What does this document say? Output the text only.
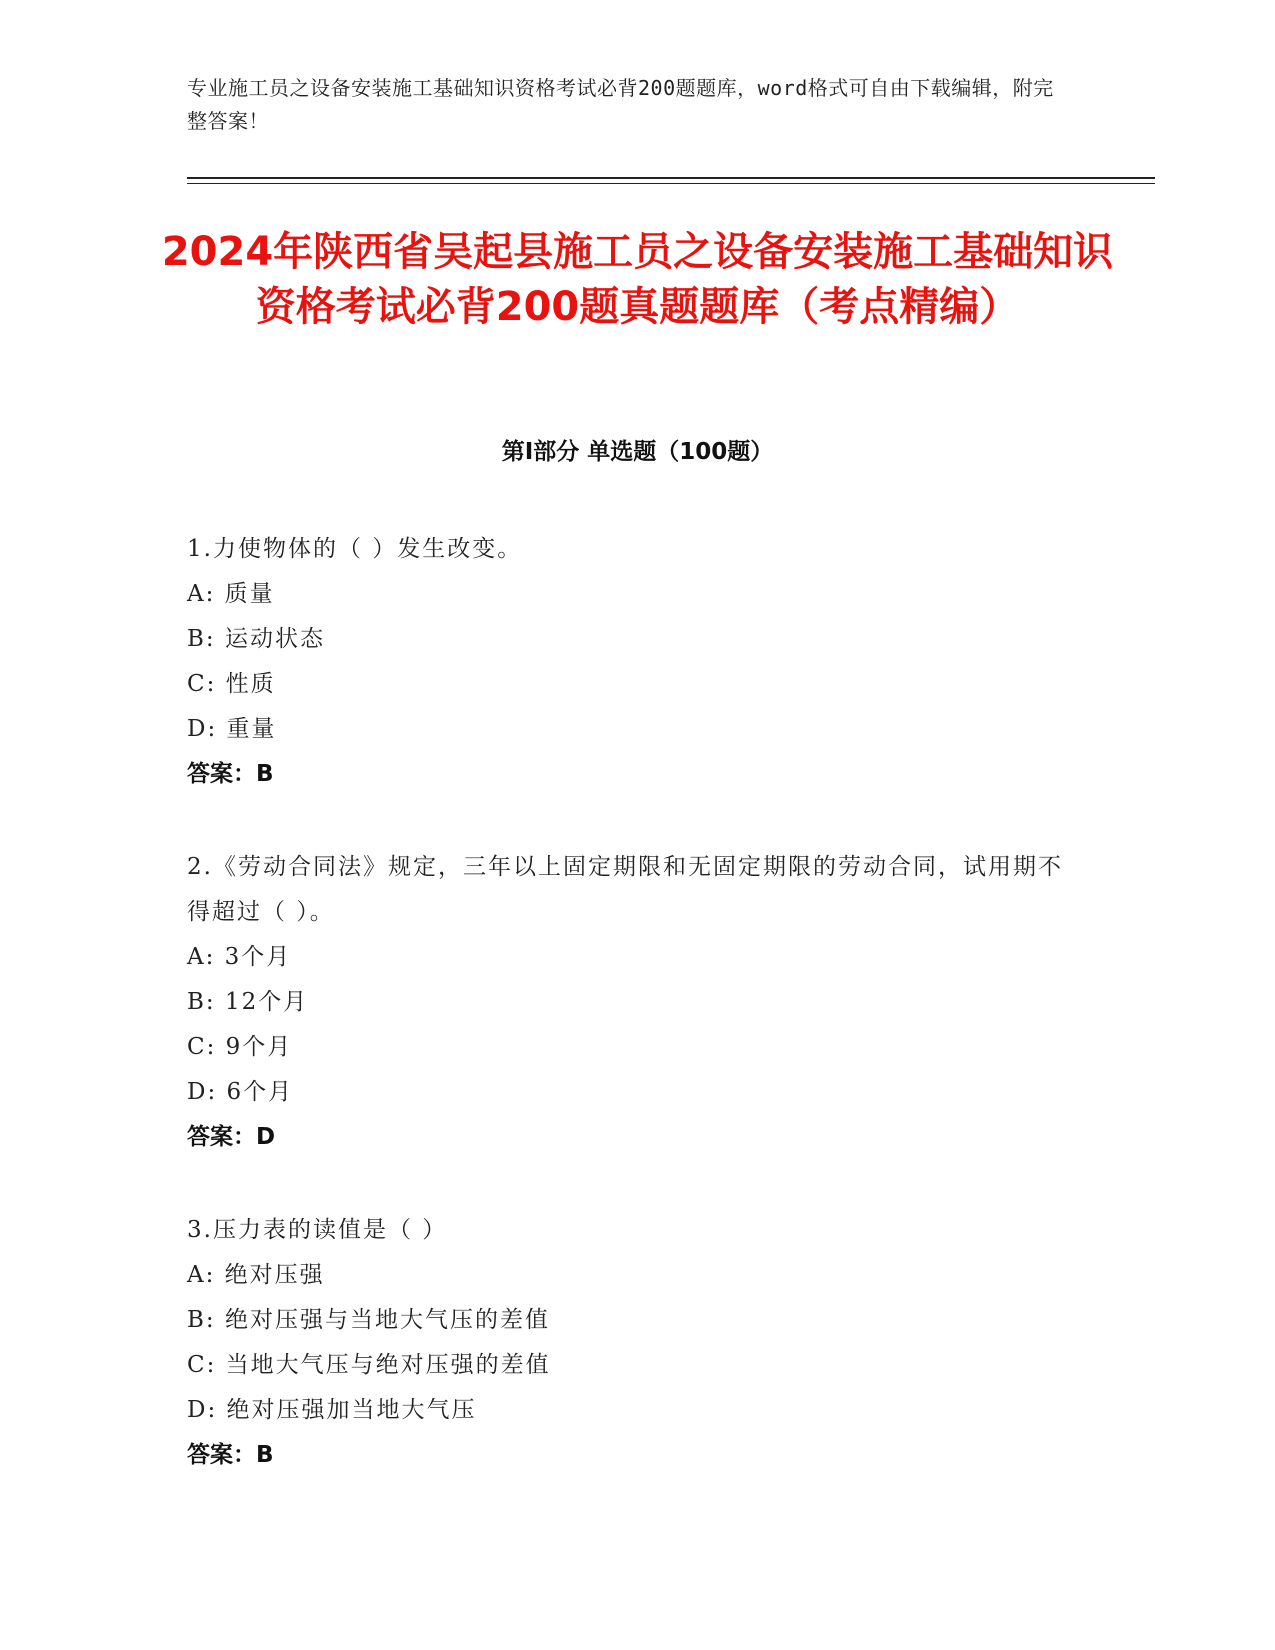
专业施工员之设备安装施工基础知识资格考试必背200题题库，word格式可自由下载编辑，附完整答案！
2024年陕西省吴起县施工员之设备安装施工基础知识资格考试必背200题真题题库（考点精编）
第I部分 单选题（100题）
1.力使物体的（ ）发生改变。
A: 质量
B: 运动状态
C: 性质
D: 重量
答案：B
2.《劳动合同法》规定，三年以上固定期限和无固定期限的劳动合同，试用期不得超过（ ）。
A: 3个月
B: 12个月
C: 9个月
D: 6个月
答案：D
3.压力表的读值是（ ）
A: 绝对压强
B: 绝对压强与当地大气压的差值
C: 当地大气压与绝对压强的差值
D: 绝对压强加当地大气压
答案：B
